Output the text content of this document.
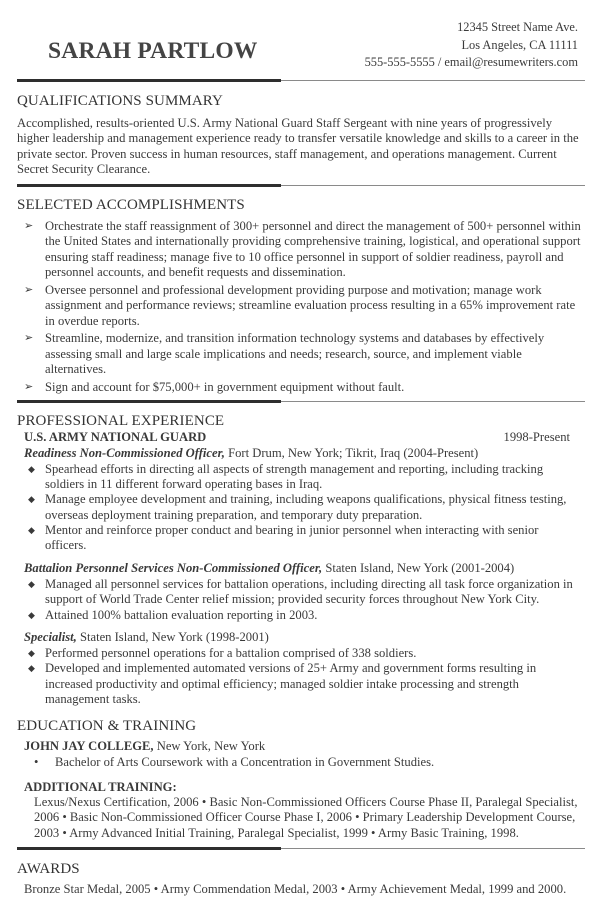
SARAH PARTLOW
12345 Street Name Ave.
Los Angeles, CA 11111
555-555-5555 / email@resumewriters.com
QUALIFICATIONS SUMMARY
Accomplished, results-oriented U.S. Army National Guard Staff Sergeant with nine years of progressively higher leadership and management experience ready to transfer versatile knowledge and skills to a career in the private sector. Proven success in human resources, staff management, and operations management. Current Secret Security Clearance.
SELECTED ACCOMPLISHMENTS
➢ Orchestrate the staff reassignment of 300+ personnel and direct the management of 500+ personnel within the United States and internationally providing comprehensive training, logistical, and operational support ensuring staff readiness; manage five to 10 office personnel in support of soldier readiness, payroll and personnel accounts, and benefit requests and dissemination.
➢ Oversee personnel and professional development providing purpose and motivation; manage work assignment and performance reviews; streamline evaluation process resulting in a 65% improvement rate in overdue reports.
➢ Streamline, modernize, and transition information technology systems and databases by effectively assessing small and large scale implications and needs; research, source, and implement viable alternatives.
➢ Sign and account for $75,000+ in government equipment without fault.
PROFESSIONAL EXPERIENCE
U.S. ARMY NATIONAL GUARD	1998-Present
Readiness Non-Commissioned Officer, Fort Drum, New York; Tikrit, Iraq (2004-Present)
◆ Spearhead efforts in directing all aspects of strength management and reporting, including tracking soldiers in 11 different forward operating bases in Iraq.
◆ Manage employee development and training, including weapons qualifications, physical fitness testing, overseas deployment training preparation, and temporary duty preparation.
◆ Mentor and reinforce proper conduct and bearing in junior personnel when interacting with senior officers.
Battalion Personnel Services Non-Commissioned Officer, Staten Island, New York (2001-2004)
◆ Managed all personnel services for battalion operations, including directing all task force organization in support of World Trade Center relief mission; provided security forces throughout New York City.
◆ Attained 100% battalion evaluation reporting in 2003.
Specialist, Staten Island, New York (1998-2001)
◆ Performed personnel operations for a battalion comprised of 338 soldiers.
◆ Developed and implemented automated versions of 25+ Army and government forms resulting in increased productivity and optimal efficiency; managed soldier intake processing and strength management tasks.
EDUCATION & TRAINING
JOHN JAY COLLEGE, New York, New York
• Bachelor of Arts Coursework with a Concentration in Government Studies.
ADDITIONAL TRAINING:
Lexus/Nexus Certification, 2006 • Basic Non-Commissioned Officers Course Phase II, Paralegal Specialist, 2006 • Basic Non-Commissioned Officer Course Phase I, 2006 • Primary Leadership Development Course, 2003 • Army Advanced Initial Training, Paralegal Specialist, 1999 • Army Basic Training, 1998.
AWARDS
Bronze Star Medal, 2005 • Army Commendation Medal, 2003 • Army Achievement Medal, 1999 and 2000.
